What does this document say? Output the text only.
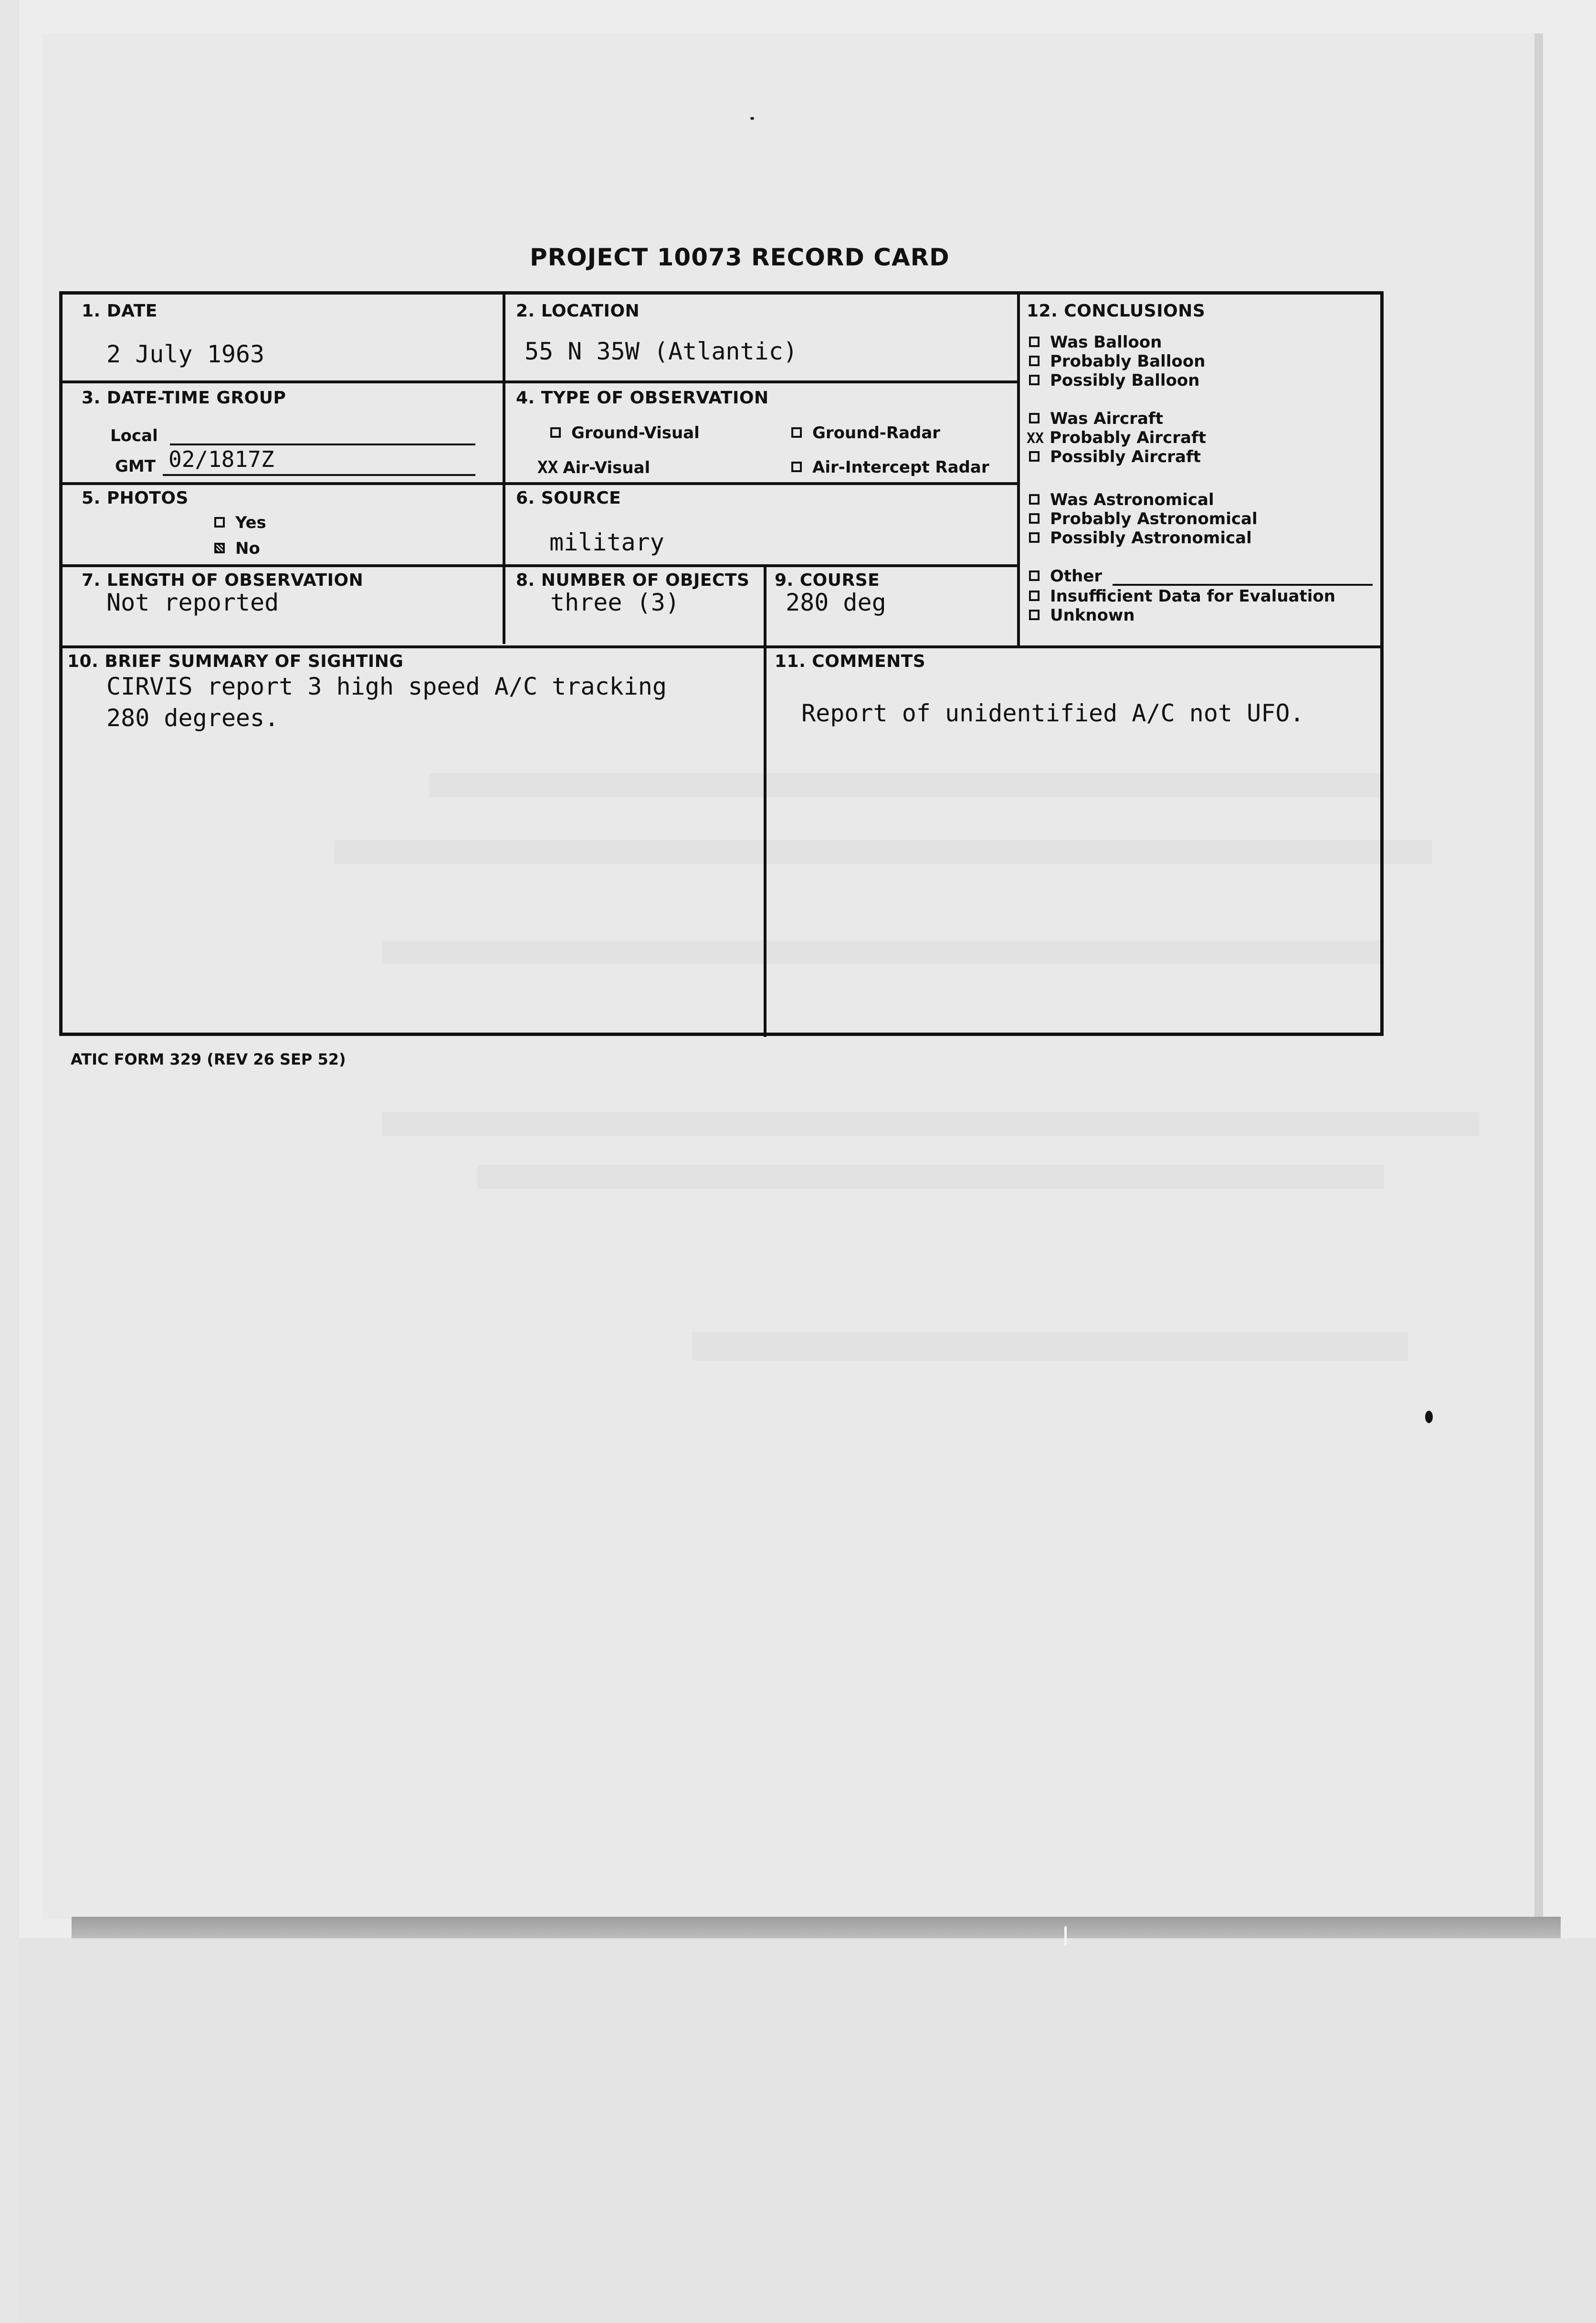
PROJECT 10073 RECORD CARD
1. DATE
2 July 1963
2. LOCATION
55 N 35W (Atlantic)
3. DATE-TIME GROUP
Local
GMT 02/1817Z
4. TYPE OF OBSERVATION
Ground-Visual	Ground-Radar
XX Air-Visual	Air-Intercept Radar
5. PHOTOS
Yes
No
6. SOURCE
military
7. LENGTH OF OBSERVATION
Not reported
8. NUMBER OF OBJECTS
three (3)
9. COURSE
280 deg
10. BRIEF SUMMARY OF SIGHTING
CIRVIS report 3 high speed A/C tracking
280 degrees.
11. COMMENTS
Report of unidentified A/C not UFO.
12. CONCLUSIONS
Was Balloon
Probably Balloon
Possibly Balloon
Was Aircraft
XX Probably Aircraft
Possibly Aircraft
Was Astronomical
Probably Astronomical
Possibly Astronomical
Other
Insufficient Data for Evaluation
Unknown
ATIC FORM 329 (REV 26 SEP 52)
